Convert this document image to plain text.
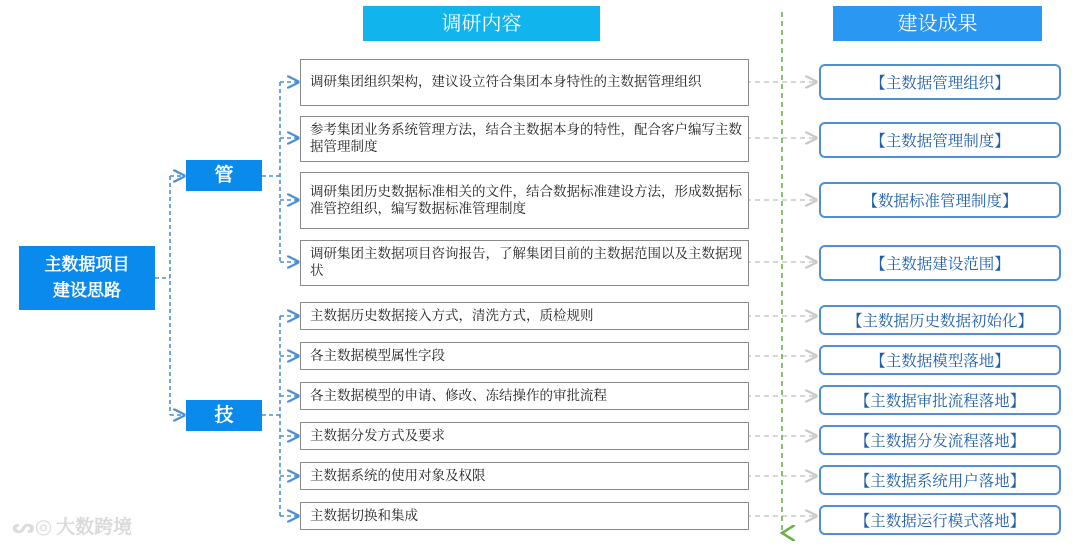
调研内容	建设成果
主数据项目
建设思路
管 理
技 术
调研集团组织架构，建议设立符合集团本身特性的主数据管理组织
参考集团业务系统管理方法，结合主数据本身的特性，配合客户编写主数据管理制度
调研集团历史数据标准相关的文件，结合数据标准建设方法，形成数据标准管控组织，编写数据标准管理制度
调研集团主数据项目咨询报告，了解集团目前的主数据范围以及主数据现状
主数据历史数据接入方式，清洗方式，质检规则
各主数据模型属性字段
各主数据模型的申请、修改、冻结操作的审批流程
主数据分发方式及要求
主数据系统的使用对象及权限
主数据切换和集成
【主数据管理组织】
【主数据管理制度】
【数据标准管理制度】
【主数据建设范围】
【主数据历史数据初始化】
【主数据模型落地】
【主数据审批流程落地】
【主数据分发流程落地】
【主数据系统用户落地】
【主数据运行模式落地】
ᔕ◎ 大数跨境
